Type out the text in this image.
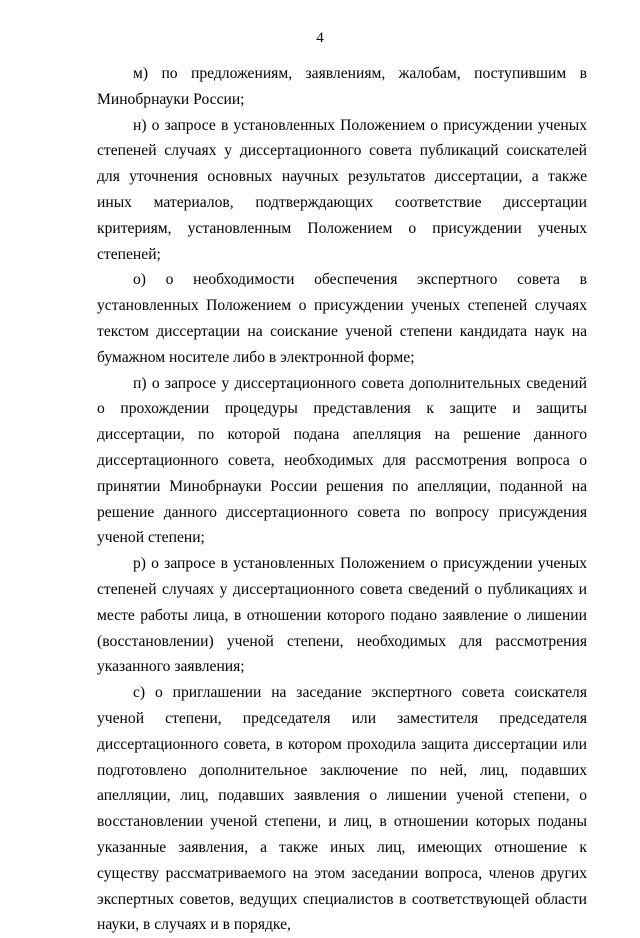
4

м) по предложениям, заявлениям, жалобам, поступившим в Минобрнауки России;

н) о запросе в установленных Положением о присуждении ученых степеней случаях у диссертационного совета публикаций соискателей для уточнения основных научных результатов диссертации, а также иных материалов, подтверждающих соответствие диссертации критериям, установленным Положением о присуждении ученых степеней;

о) о необходимости обеспечения экспертного совета в установленных Положением о присуждении ученых степеней случаях текстом диссертации на соискание ученой степени кандидата наук на бумажном носителе либо в электронной форме;

п) о запросе у диссертационного совета дополнительных сведений о прохождении процедуры представления к защите и защиты диссертации, по которой подана апелляция на решение данного диссертационного совета, необходимых для рассмотрения вопроса о принятии Минобрнауки России решения по апелляции, поданной на решение данного диссертационного совета по вопросу присуждения ученой степени;

р) о запросе в установленных Положением о присуждении ученых степеней случаях у диссертационного совета сведений о публикациях и месте работы лица, в отношении которого подано заявление о лишении (восстановлении) ученой степени, необходимых для рассмотрения указанного заявления;

с) о приглашении на заседание экспертного совета соискателя ученой степени, председателя или заместителя председателя диссертационного совета, в котором проходила защита диссертации или подготовлено дополнительное заключение по ней, лиц, подавших апелляции, лиц, подавших заявления о лишении ученой степени, о восстановлении ученой степени, и лиц, в отношении которых поданы указанные заявления, а также иных лиц, имеющих отношение к существу рассматриваемого на этом заседании вопроса, членов других экспертных советов, ведущих специалистов в соответствующей области науки, в случаях и в порядке,
